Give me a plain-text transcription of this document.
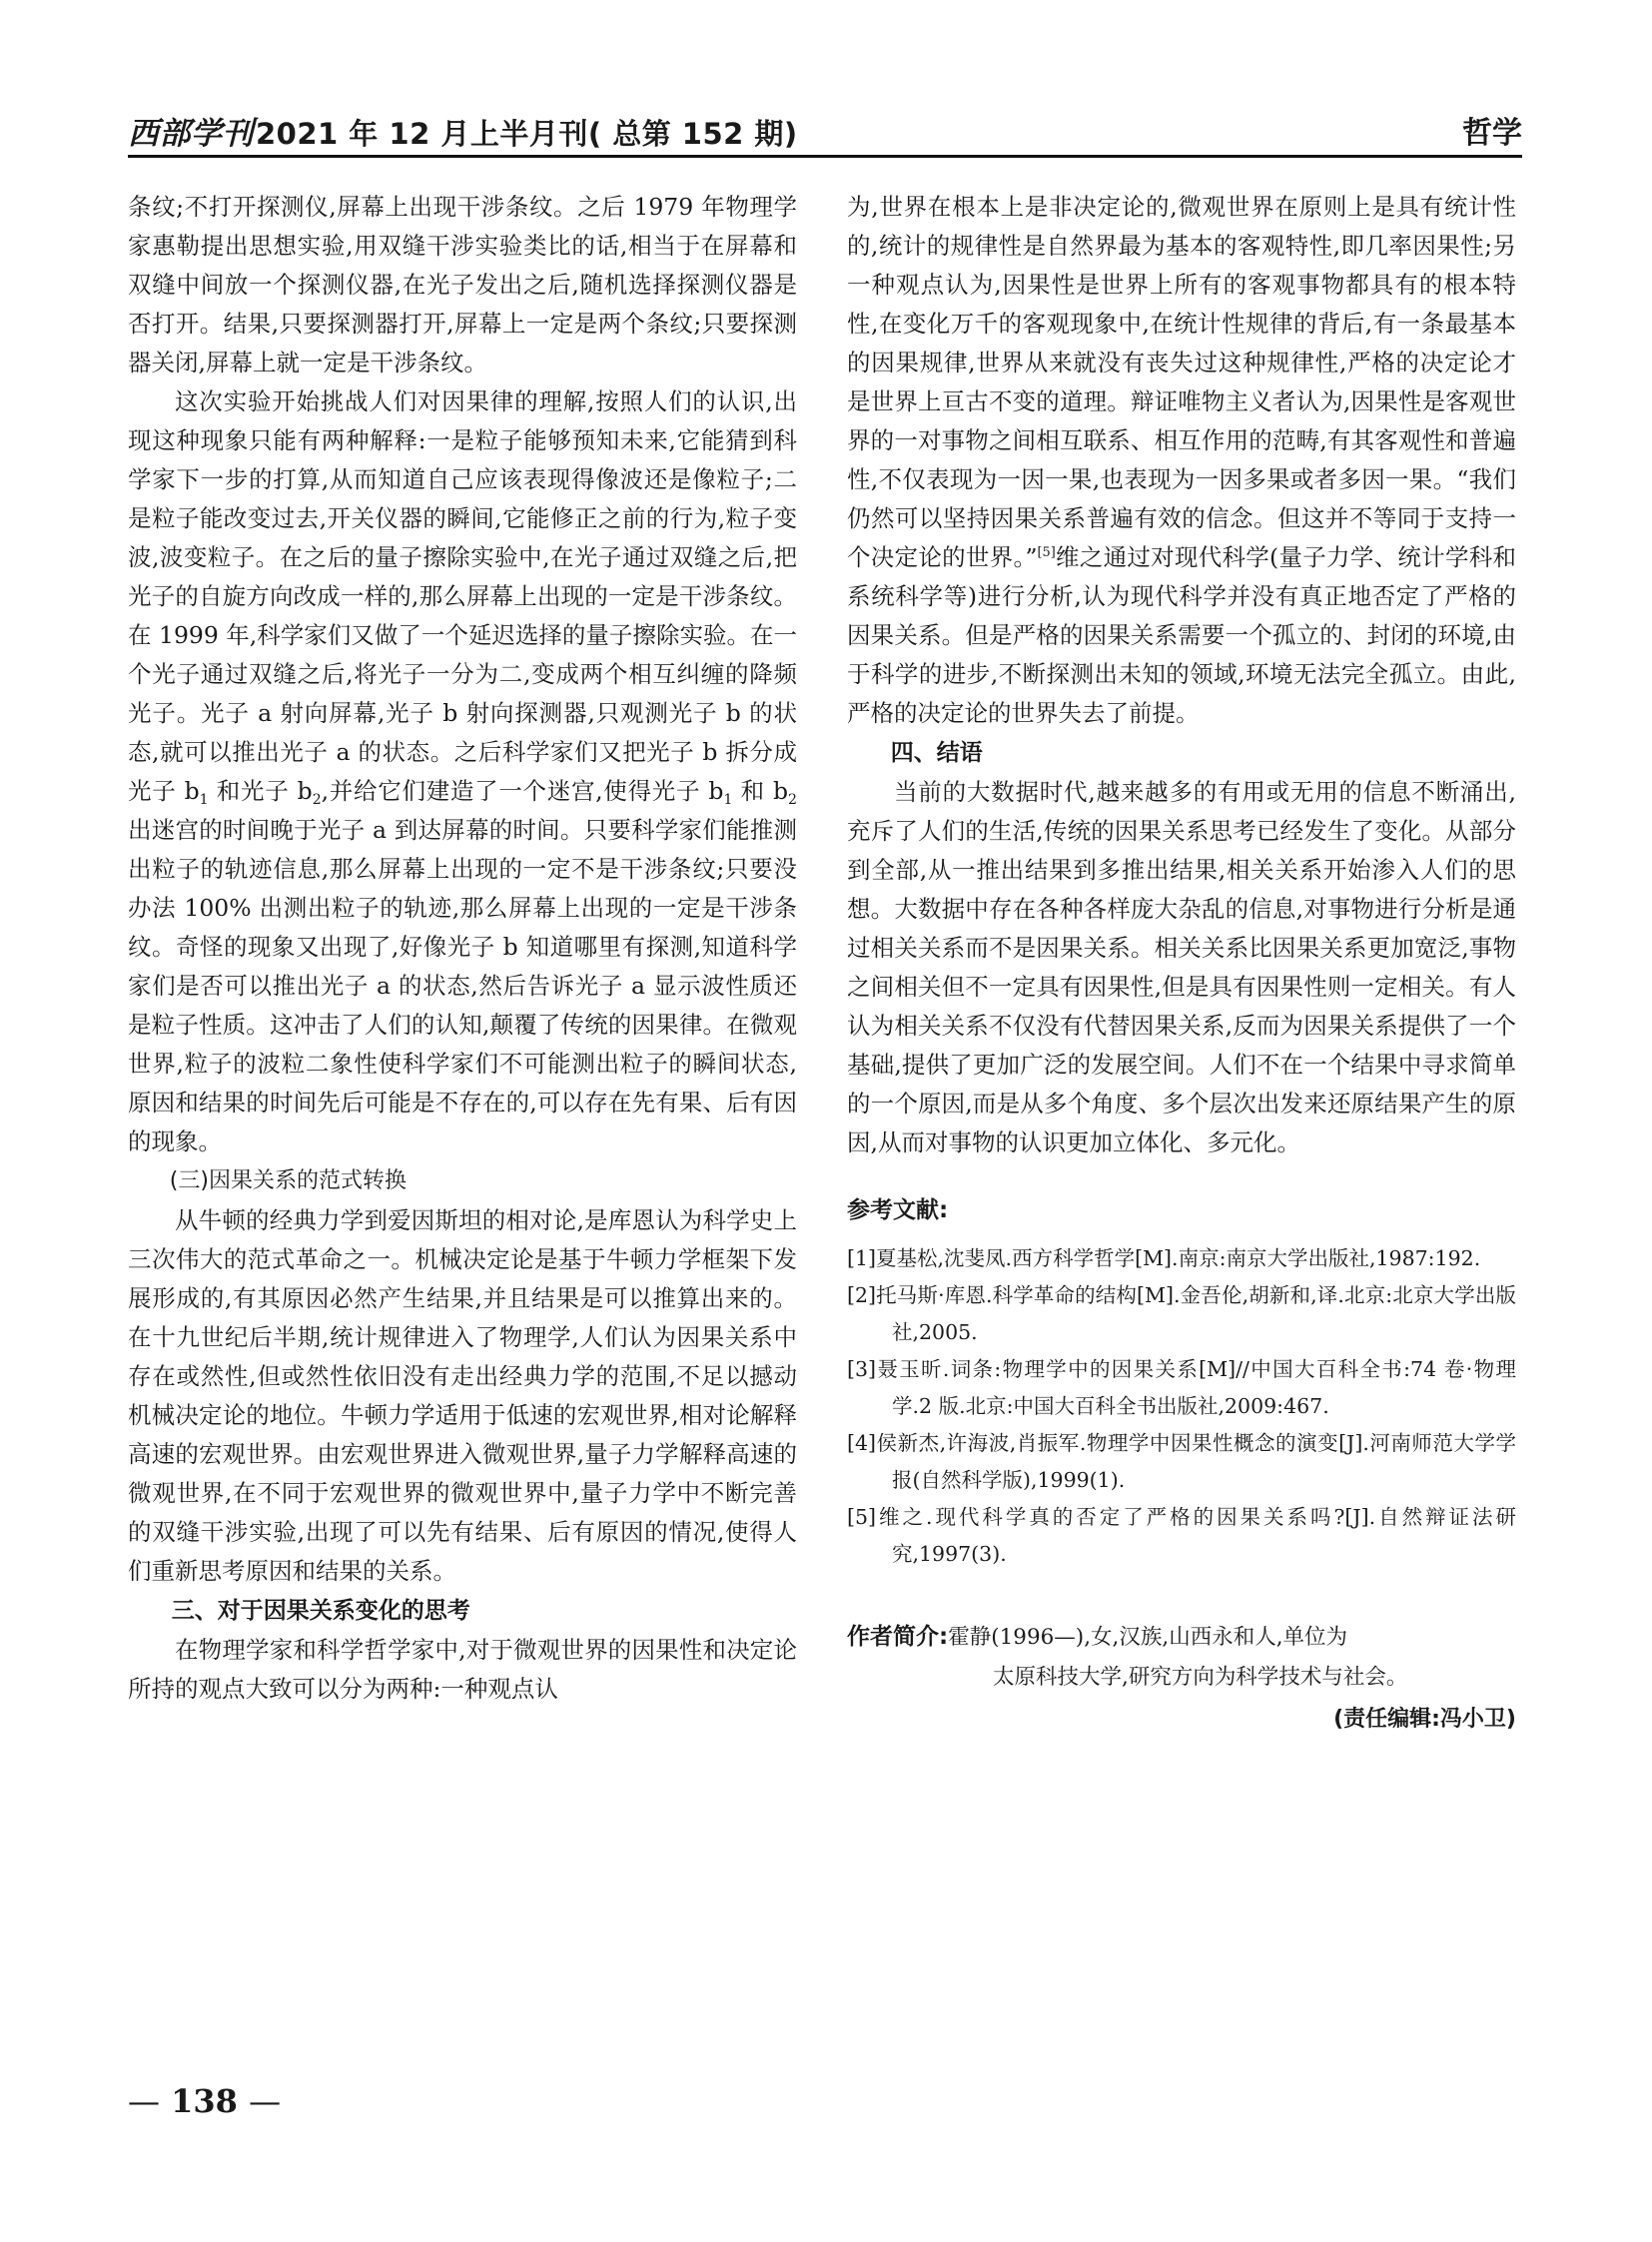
西部学刊2021 年 12 月上半月刊( 总第 152 期)	哲学

条纹;不打开探测仪,屏幕上出现干涉条纹。之后 1979 年物理学家惠勒提出思想实验,用双缝干涉实验类比的话,相当于在屏幕和双缝中间放一个探测仪器,在光子发出之后,随机选择探测仪器是否打开。结果,只要探测器打开,屏幕上一定是两个条纹;只要探测器关闭,屏幕上就一定是干涉条纹。

这次实验开始挑战人们对因果律的理解,按照人们的认识,出现这种现象只能有两种解释:一是粒子能够预知未来,它能猜到科学家下一步的打算,从而知道自己应该表现得像波还是像粒子;二是粒子能改变过去,开关仪器的瞬间,它能修正之前的行为,粒子变波,波变粒子。在之后的量子擦除实验中,在光子通过双缝之后,把光子的自旋方向改成一样的,那么屏幕上出现的一定是干涉条纹。在 1999 年,科学家们又做了一个延迟选择的量子擦除实验。在一个光子通过双缝之后,将光子一分为二,变成两个相互纠缠的降频光子。光子 a 射向屏幕,光子 b 射向探测器,只观测光子 b 的状态,就可以推出光子 a 的状态。之后科学家们又把光子 b 拆分成光子 $b_1$ 和光子 $b_2$,并给它们建造了一个迷宫,使得光子 $b_1$ 和 $b_2$ 出迷宫的时间晚于光子 a 到达屏幕的时间。只要科学家们能推测出粒子的轨迹信息,那么屏幕上出现的一定不是干涉条纹;只要没办法 100% 出测出粒子的轨迹,那么屏幕上出现的一定是干涉条纹。奇怪的现象又出现了,好像光子 b 知道哪里有探测,知道科学家们是否可以推出光子 a 的状态,然后告诉光子 a 显示波性质还是粒子性质。这冲击了人们的认知,颠覆了传统的因果律。在微观世界,粒子的波粒二象性使科学家们不可能测出粒子的瞬间状态,原因和结果的时间先后可能是不存在的,可以存在先有果、后有因的现象。

(三)因果关系的范式转换

从牛顿的经典力学到爱因斯坦的相对论,是库恩认为科学史上三次伟大的范式革命之一。机械决定论是基于牛顿力学框架下发展形成的,有其原因必然产生结果,并且结果是可以推算出来的。在十九世纪后半期,统计规律进入了物理学,人们认为因果关系中存在或然性,但或然性依旧没有走出经典力学的范围,不足以撼动机械决定论的地位。牛顿力学适用于低速的宏观世界,相对论解释高速的宏观世界。由宏观世界进入微观世界,量子力学解释高速的微观世界,在不同于宏观世界的微观世界中,量子力学中不断完善的双缝干涉实验,出现了可以先有结果、后有原因的情况,使得人们重新思考原因和结果的关系。

三、对于因果关系变化的思考

在物理学家和科学哲学家中,对于微观世界的因果性和决定论所持的观点大致可以分为两种:一种观点认

为,世界在根本上是非决定论的,微观世界在原则上是具有统计性的,统计的规律性是自然界最为基本的客观特性,即几率因果性;另一种观点认为,因果性是世界上所有的客观事物都具有的根本特性,在变化万千的客观现象中,在统计性规律的背后,有一条最基本的因果规律,世界从来就没有丧失过这种规律性,严格的决定论才是世界上亘古不变的道理。辩证唯物主义者认为,因果性是客观世界的一对事物之间相互联系、相互作用的范畴,有其客观性和普遍性,不仅表现为一因一果,也表现为一因多果或者多因一果。“我们仍然可以坚持因果关系普遍有效的信念。但这并不等同于支持一个决定论的世界。”[5]维之通过对现代科学(量子力学、统计学科和系统科学等)进行分析,认为现代科学并没有真正地否定了严格的因果关系。但是严格的因果关系需要一个孤立的、封闭的环境,由于科学的进步,不断探测出未知的领域,环境无法完全孤立。由此,严格的决定论的世界失去了前提。

四、结语

当前的大数据时代,越来越多的有用或无用的信息不断涌出,充斥了人们的生活,传统的因果关系思考已经发生了变化。从部分到全部,从一推出结果到多推出结果,相关关系开始渗入人们的思想。大数据中存在各种各样庞大杂乱的信息,对事物进行分析是通过相关关系而不是因果关系。相关关系比因果关系更加宽泛,事物之间相关但不一定具有因果性,但是具有因果性则一定相关。有人认为相关关系不仅没有代替因果关系,反而为因果关系提供了一个基础,提供了更加广泛的发展空间。人们不在一个结果中寻求简单的一个原因,而是从多个角度、多个层次出发来还原结果产生的原因,从而对事物的认识更加立体化、多元化。

参考文献:

[1]夏基松,沈斐凤.西方科学哲学[M].南京:南京大学出版社,1987:192.

[2]托马斯·库恩.科学革命的结构[M].金吾伦,胡新和,译.北京:北京大学出版社,2005.

[3]聂玉昕.词条:物理学中的因果关系[M]//中国大百科全书:74 卷·物理学.2 版.北京:中国大百科全书出版社,2009:467.

[4]侯新杰,许海波,肖振军.物理学中因果性概念的演变[J].河南师范大学学报(自然科学版),1999(1).

[5]维之.现代科学真的否定了严格的因果关系吗?[J].自然辩证法研究,1997(3).

作者简介:霍静(1996—),女,汉族,山西永和人,单位为
太原科技大学,研究方向为科学技术与社会。
(责任编辑:冯小卫)
— 138 —
